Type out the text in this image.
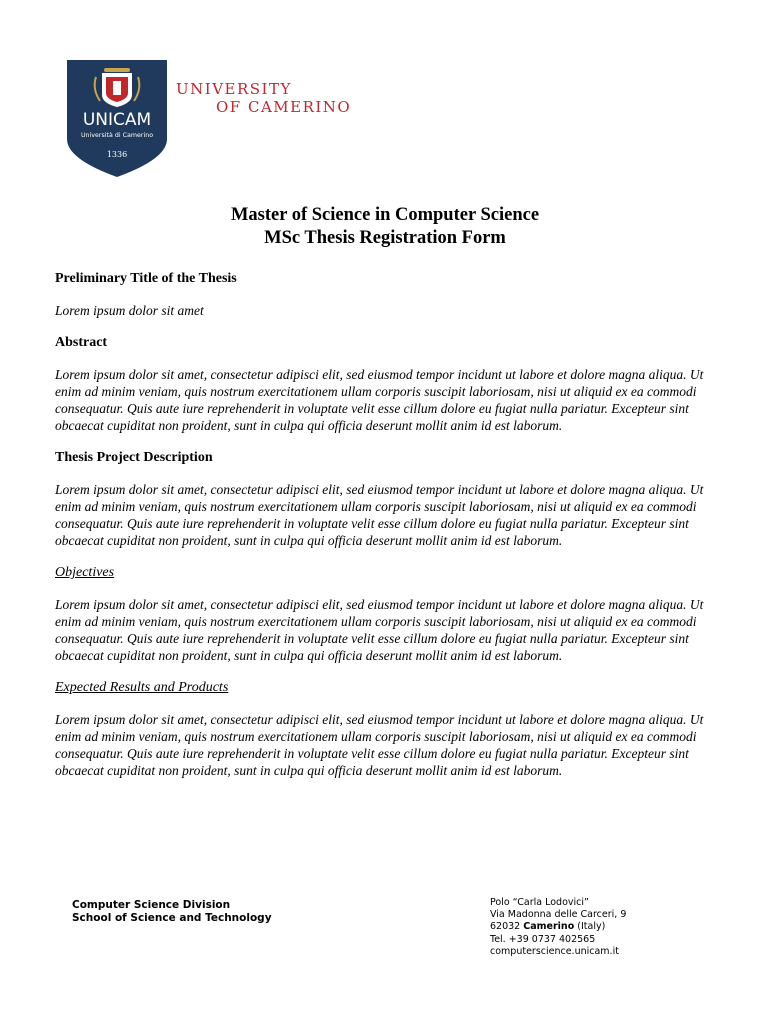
UNICAM
Università di Camerino
1336
UNIVERSITY
OF CAMERINO
Master of Science in Computer Science
MSc Thesis Registration Form
Preliminary Title of the Thesis
Lorem ipsum dolor sit amet
Abstract
Lorem ipsum dolor sit amet, consectetur adipisci elit, sed eiusmod tempor incidunt ut labore et dolore magna aliqua. Ut enim ad minim veniam, quis nostrum exercitationem ullam corporis suscipit laboriosam, nisi ut aliquid ex ea commodi consequatur. Quis aute iure reprehenderit in voluptate velit esse cillum dolore eu fugiat nulla pariatur. Excepteur sint obcaecat cupiditat non proident, sunt in culpa qui officia deserunt mollit anim id est laborum.
Thesis Project Description
Lorem ipsum dolor sit amet, consectetur adipisci elit, sed eiusmod tempor incidunt ut labore et dolore magna aliqua. Ut enim ad minim veniam, quis nostrum exercitationem ullam corporis suscipit laboriosam, nisi ut aliquid ex ea commodi consequatur. Quis aute iure reprehenderit in voluptate velit esse cillum dolore eu fugiat nulla pariatur. Excepteur sint obcaecat cupiditat non proident, sunt in culpa qui officia deserunt mollit anim id est laborum.
Objectives
Lorem ipsum dolor sit amet, consectetur adipisci elit, sed eiusmod tempor incidunt ut labore et dolore magna aliqua. Ut enim ad minim veniam, quis nostrum exercitationem ullam corporis suscipit laboriosam, nisi ut aliquid ex ea commodi consequatur. Quis aute iure reprehenderit in voluptate velit esse cillum dolore eu fugiat nulla pariatur. Excepteur sint obcaecat cupiditat non proident, sunt in culpa qui officia deserunt mollit anim id est laborum.
Expected Results and Products
Lorem ipsum dolor sit amet, consectetur adipisci elit, sed eiusmod tempor incidunt ut labore et dolore magna aliqua. Ut enim ad minim veniam, quis nostrum exercitationem ullam corporis suscipit laboriosam, nisi ut aliquid ex ea commodi consequatur. Quis aute iure reprehenderit in voluptate velit esse cillum dolore eu fugiat nulla pariatur. Excepteur sint obcaecat cupiditat non proident, sunt in culpa qui officia deserunt mollit anim id est laborum.
Computer Science Division
School of Science and Technology
Polo “Carla Lodovici”
Via Madonna delle Carceri, 9
62032 Camerino (Italy)
Tel. +39 0737 402565
computerscience.unicam.it
